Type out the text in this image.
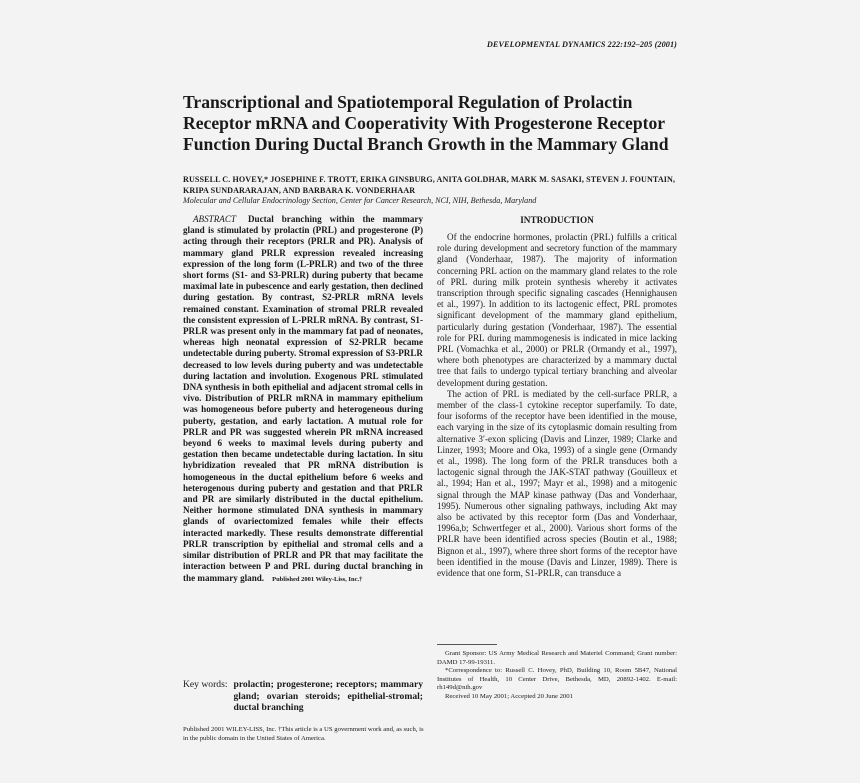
DEVELOPMENTAL DYNAMICS 222:192–205 (2001)
Transcriptional and Spatiotemporal Regulation of Prolactin Receptor mRNA and Cooperativity With Progesterone Receptor Function During Ductal Branch Growth in the Mammary Gland
RUSSELL C. HOVEY,* JOSEPHINE F. TROTT, ERIKA GINSBURG, ANITA GOLDHAR, MARK M. SASAKI, STEVEN J. FOUNTAIN, KRIPA SUNDARARAJAN, AND BARBARA K. VONDERHAAR
Molecular and Cellular Endocrinology Section, Center for Cancer Research, NCI, NIH, Bethesda, Maryland

ABSTRACT Ductal branching within the mammary gland is stimulated by prolactin (PRL) and progesterone (P) acting through their receptors (PRLR and PR). Analysis of mammary gland PRLR expression revealed increasing expression of the long form (L-PRLR) and two of the three short forms (S1- and S3-PRLR) during puberty that became maximal late in pubescence and early gestation, then declined during gestation. By contrast, S2-PRLR mRNA levels remained constant. Examination of stromal PRLR revealed the consistent expression of L-PRLR mRNA. By contrast, S1-PRLR was present only in the mammary fat pad of neonates, whereas high neonatal expression of S2-PRLR became undetectable during puberty. Stromal expression of S3-PRLR decreased to low levels during puberty and was undetectable during lactation and involution. Exogenous PRL stimulated DNA synthesis in both epithelial and adjacent stromal cells in vivo. Distribution of PRLR mRNA in mammary epithelium was homogeneous before puberty and heterogeneous during puberty, gestation, and early lactation. A mutual role for PRLR and PR was suggested wherein PR mRNA increased beyond 6 weeks to maximal levels during puberty and gestation then became undetectable during lactation. In situ hybridization revealed that PR mRNA distribution is homogeneous in the ductal epithelium before 6 weeks and heterogenous during puberty and gestation and that PRLR and PR are similarly distributed in the ductal epithelium. Neither hormone stimulated DNA synthesis in mammary glands of ovariectomized females while their effects interacted markedly. These results demonstrate differential PRLR transcription by epithelial and stromal cells and a similar distribution of PRLR and PR that may facilitate the interaction between P and PRL during ductal branching in the mammary gland. Published 2001 Wiley-Liss, Inc.†

Key words: prolactin; progesterone; receptors; mammary gland; ovarian steroids; epithelial-stromal; ductal branching
Published 2001 WILEY-LISS, Inc. †This article is a US government work and, as such, is in the public domain in the United States of America.
INTRODUCTION

Of the endocrine hormones, prolactin (PRL) fulfills a critical role during development and secretory function of the mammary gland (Vonderhaar, 1987). The majority of information concerning PRL action on the mammary gland relates to the role of PRL during milk protein synthesis whereby it activates transcription through specific signaling cascades (Hennighausen et al., 1997). In addition to its lactogenic effect, PRL promotes significant development of the mammary gland epithelium, particularly during gestation (Vonderhaar, 1987). The essential role for PRL during mammogenesis is indicated in mice lacking PRL (Vomachka et al., 2000) or PRLR (Ormandy et al., 1997), where both phenotypes are characterized by a mammary ductal tree that fails to undergo typical tertiary branching and alveolar development during gestation.

The action of PRL is mediated by the cell-surface PRLR, a member of the class-1 cytokine receptor superfamily. To date, four isoforms of the receptor have been identified in the mouse, each varying in the size of its cytoplasmic domain resulting from alternative 3′-exon splicing (Davis and Linzer, 1989; Clarke and Linzer, 1993; Moore and Oka, 1993) of a single gene (Ormandy et al., 1998). The long form of the PRLR transduces both a lactogenic signal through the JAK-STAT pathway (Gouilleux et al., 1994; Han et al., 1997; Mayr et al., 1998) and a mitogenic signal through the MAP kinase pathway (Das and Vonderhaar, 1995). Numerous other signaling pathways, including Akt may also be activated by this receptor form (Das and Vonderhaar, 1996a,b; Schwertfeger et al., 2000). Various short forms of the PRLR have been identified across species (Boutin et al., 1988; Bignon et al., 1997), where three short forms of the receptor have been identified in the mouse (Davis and Linzer, 1989). There is evidence that one form, S1-PRLR, can transduce a

Grant Sponsor: US Army Medical Research and Materiel Command; Grant number: DAMD 17-99-19311.

*Correspondence to: Russell C. Hovey, PhD, Building 10, Room 5B47, National Institutes of Health, 10 Center Drive, Bethesda, MD, 20892-1402. E-mail: rh149d@nih.gov

Received 10 May 2001; Accepted 20 June 2001
